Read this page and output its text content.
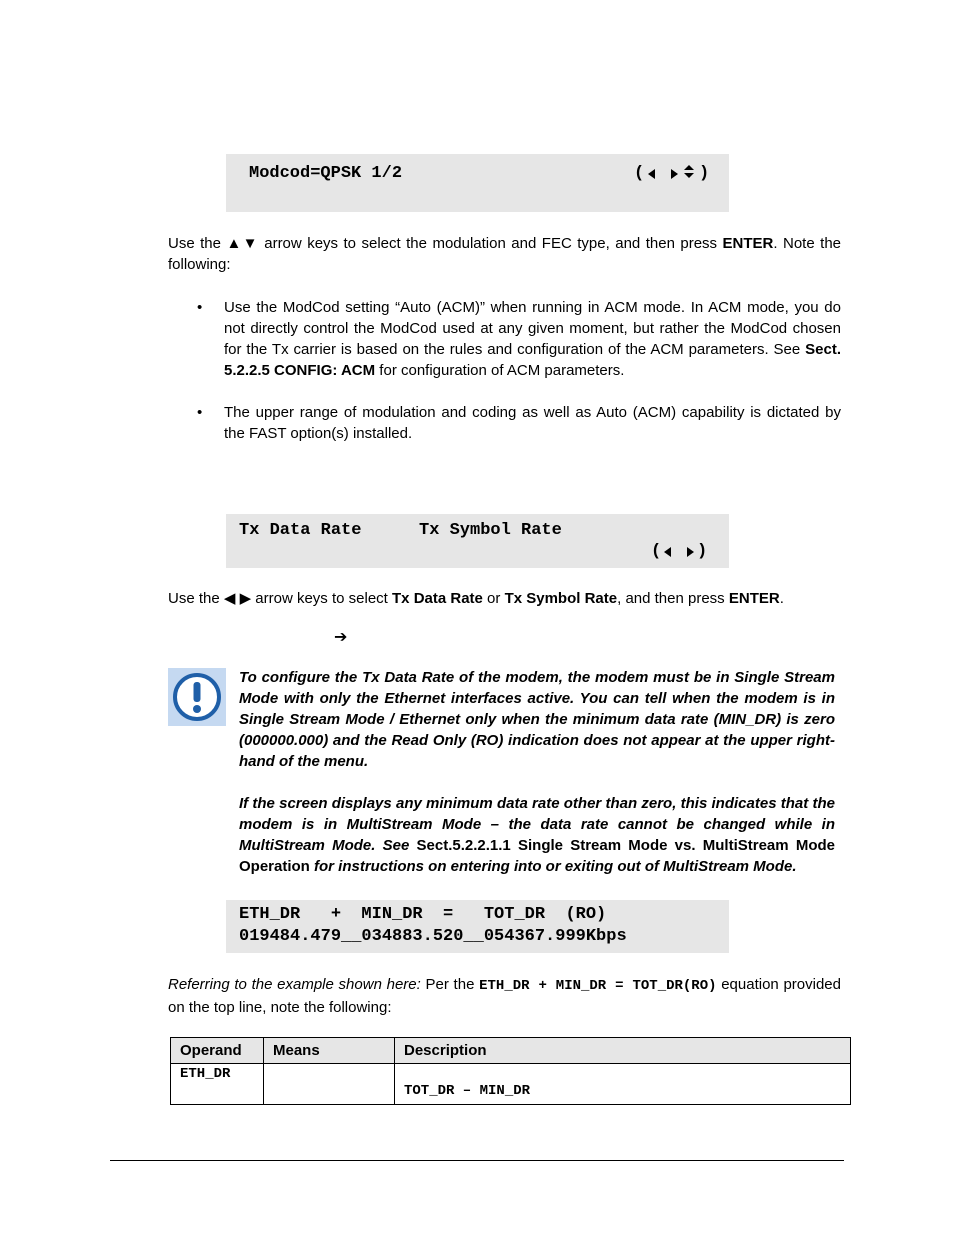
Modcod=QPSK 1/2	(	)
Use the ▲▼ arrow keys to select the modulation and FEC type, and then press ENTER. Note the following:
• Use the ModCod setting “Auto (ACM)” when running in ACM mode. In ACM mode, you do not directly control the ModCod used at any given moment, but rather the ModCod chosen for the Tx carrier is based on the rules and configuration of the ACM parameters. See Sect. 5.2.2.5 CONFIG: ACM for configuration of ACM parameters.
• The upper range of modulation and coding as well as Auto (ACM) capability is dictated by the FAST option(s) installed.
Tx Data Rate	Tx Symbol Rate
( )
Use the ◀ ▶ arrow keys to select Tx Data Rate or Tx Symbol Rate, and then press ENTER.
➔
To configure the Tx Data Rate of the modem, the modem must be in Single Stream Mode with only the Ethernet interfaces active. You can tell when the modem is in Single Stream Mode / Ethernet only when the minimum data rate (MIN_DR) is zero (000000.000) and the Read Only (RO) indication does not appear at the upper right-hand of the menu.
If the screen displays any minimum data rate other than zero, this indicates that the modem is in MultiStream Mode – the data rate cannot be changed while in MultiStream Mode. See Sect.5.2.2.1.1 Single Stream Mode vs. MultiStream Mode Operation for instructions on entering into or exiting out of MultiStream Mode.
ETH_DR   +  MIN_DR  =   TOT_DR  (RO)
019484.479__034883.520__054367.999Kbps
Referring to the example shown here: Per the ETH_DR + MIN_DR = TOT_DR(RO) equation provided on the top line, note the following:
Operand	Means	Description

ETH_DR		TOT_DR – MIN_DR
